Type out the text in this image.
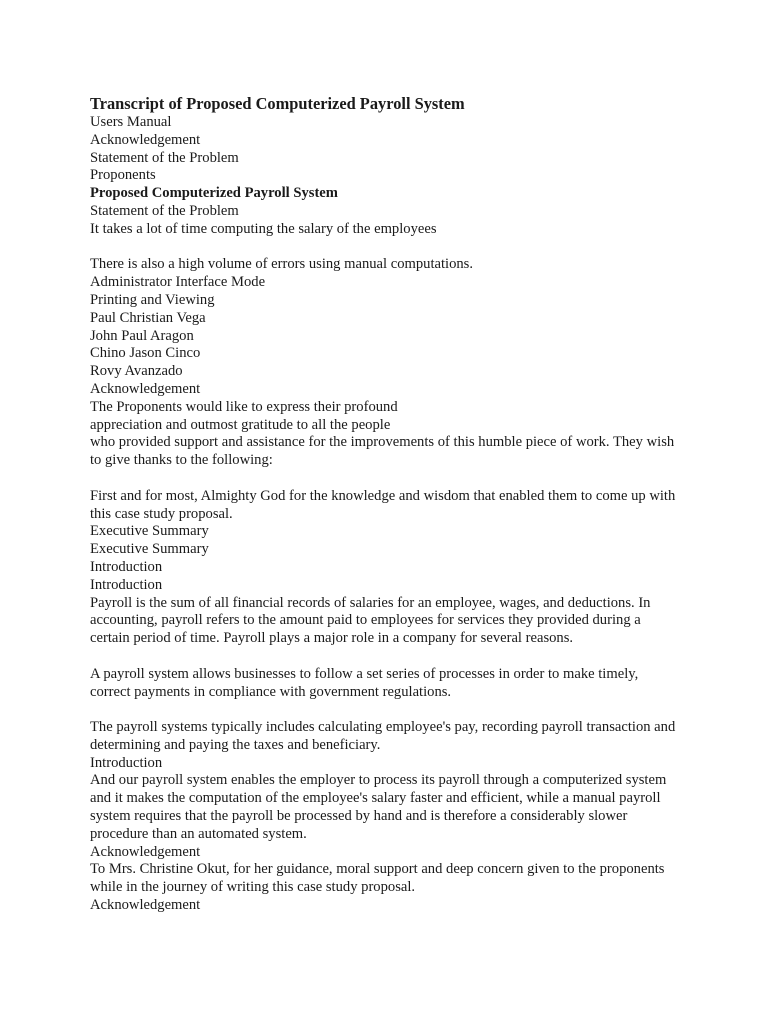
Transcript of Proposed Computerized Payroll System

Users Manual

Acknowledgement

Statement of the Problem

Proponents

Proposed Computerized Payroll System

Statement of the Problem

It takes a lot of time computing the salary of the employees

There is also a high volume of errors using manual computations.

Administrator Interface Mode

Printing and Viewing

Paul Christian Vega

John Paul Aragon

Chino Jason Cinco

Rovy Avanzado

Acknowledgement

The Proponents would like to express their profound

appreciation and outmost gratitude to all the people

who provided support and assistance for the improvements of this humble piece of work. They wish to give thanks to the following:

First and for most, Almighty God for the knowledge and wisdom that enabled them to come up with this case study proposal.

Executive Summary

Executive Summary

Introduction

Introduction

Payroll is the sum of all financial records of salaries for an employee, wages, and deductions. In accounting, payroll refers to the amount paid to employees for services they provided during a certain period of time. Payroll plays a major role in a company for several reasons.

A payroll system allows businesses to follow a set series of processes in order to make timely, correct payments in compliance with government regulations.

The payroll systems typically includes calculating employee's pay, recording payroll transaction and determining and paying the taxes and beneficiary.

Introduction

And our payroll system enables the employer to process its payroll through a computerized system and it makes the computation of the employee's salary faster and efficient, while a manual payroll system requires that the payroll be processed by hand and is therefore a considerably slower procedure than an automated system.

Acknowledgement

To Mrs. Christine Okut, for her guidance, moral support and deep concern given to the proponents while in the journey of writing this case study proposal.

Acknowledgement
